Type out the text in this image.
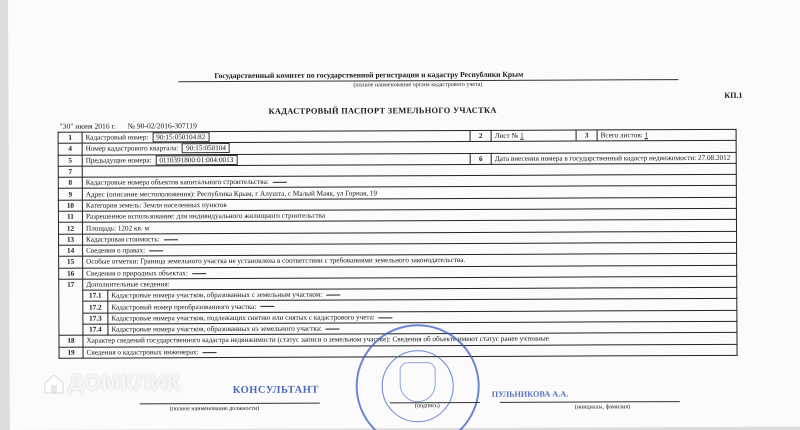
Государственный комитет по государственной регистрации и кадастру Республики Крым
(полное наименование органа кадастрового учета)
КП.1
КАДАСТРОВЫЙ ПАСПОРТ ЗЕМЕЛЬНОГО УЧАСТКА
"30" июня 2016 г. № 90-02/2016-307119
1	Кадастровый номер: 90:15:050104:82		2	Лист № 1	3	Всего листов: 1
4	Номер кадастрового квартала: 90:15:050104					
5	Предыдущие номера: 0110391800:01:004:0013		6	Дата внесения номера в государственный кадастр недвижимости: 27.08.2012		
7						
8	Кадастровые номера объектов капитального строительства:					
9	Адрес (описание местоположения): Республика Крым, г Алушта, с Малый Маяк, ул Горная, 19					
10	Категория земель: Земли населенных пунктов					
11	Разрешенное использование: для индивидуального жилищного строительства					
12	Площадь: 1202 кв. м					
13	Кадастровая стоимость:					
14	Сведения о правах:					
15	Особые отметки: Граница земельного участка не установлена в соответствии с требованиями земельного законодательства.					
16	Сведения о природных объектах:					
17	Дополнительные сведения:					
	17.1	Кадастровые номера участков, образованных с земельным участком:				
	17.2	Кадастровый номер преобразованного участка:				
	17.3	Кадастровые номера участков, подлежащих снятию или снятых с кадастрового учета:				
	17.4	Кадастровые номера участков, образованных из земельного участка:				
18	Характер сведений государственного кадастра недвижимости (статус записи о земельном участке): Сведения об объекте имеют статус ранее учтенные					
19	Сведения о кадастровых инженерах:					
КОНСУЛЬТАНТ
(полное наименование должности)	(подпись)
ПУЛЬНИКОВА А.А.
(инициалы, фамилия)
ДОМКЛИК
